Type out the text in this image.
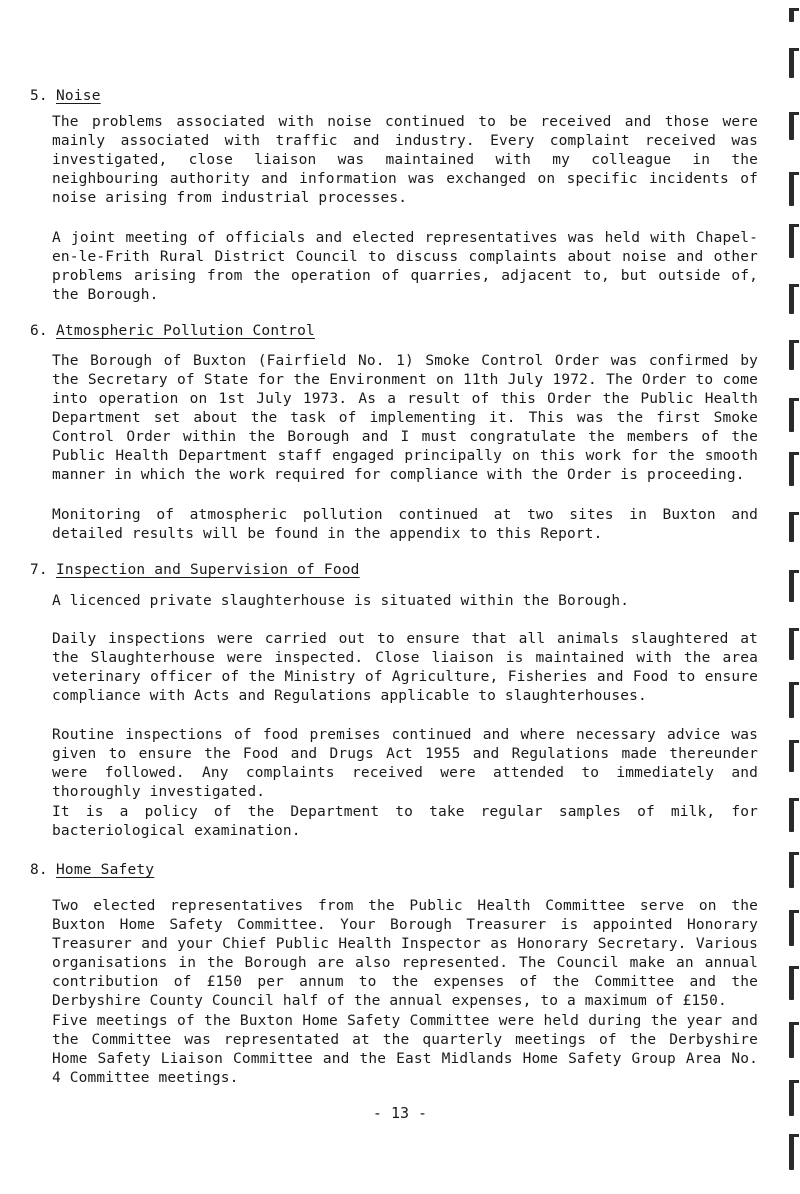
5. Noise

The problems associated with noise continued to be received and those were mainly associated with traffic and industry. Every complaint received was investigated, close liaison was maintained with my colleague in the neighbouring authority and information was exchanged on specific incidents of noise arising from industrial processes.

A joint meeting of officials and elected representatives was held with Chapel-en-le-Frith Rural District Council to discuss complaints about noise and other problems arising from the operation of quarries, adjacent to, but outside of, the Borough.

6. Atmospheric Pollution Control

The Borough of Buxton (Fairfield No. 1) Smoke Control Order was confirmed by the Secretary of State for the Environment on 11th July 1972. The Order to come into operation on 1st July 1973. As a result of this Order the Public Health Department set about the task of implementing it. This was the first Smoke Control Order within the Borough and I must congratulate the members of the Public Health Department staff engaged principally on this work for the smooth manner in which the work required for compliance with the Order is proceeding.

Monitoring of atmospheric pollution continued at two sites in Buxton and detailed results will be found in the appendix to this Report.

7. Inspection and Supervision of Food

A licenced private slaughterhouse is situated within the Borough.

Daily inspections were carried out to ensure that all animals slaughtered at the Slaughterhouse were inspected. Close liaison is maintained with the area veterinary officer of the Ministry of Agriculture, Fisheries and Food to ensure compliance with Acts and Regulations applicable to slaughterhouses.

Routine inspections of food premises continued and where necessary advice was given to ensure the Food and Drugs Act 1955 and Regulations made thereunder were followed. Any complaints received were attended to immediately and thoroughly investigated.

It is a policy of the Department to take regular samples of milk, for bacteriological examination.

8. Home Safety

Two elected representatives from the Public Health Committee serve on the Buxton Home Safety Committee. Your Borough Treasurer is appointed Honorary Treasurer and your Chief Public Health Inspector as Honorary Secretary. Various organisations in the Borough are also represented. The Council make an annual contribution of £150 per annum to the expenses of the Committee and the Derbyshire County Council half of the annual expenses, to a maximum of £150.

Five meetings of the Buxton Home Safety Committee were held during the year and the Committee was representated at the quarterly meetings of the Derbyshire Home Safety Liaison Committee and the East Midlands Home Safety Group Area No. 4 Committee meetings.

- 13 -
